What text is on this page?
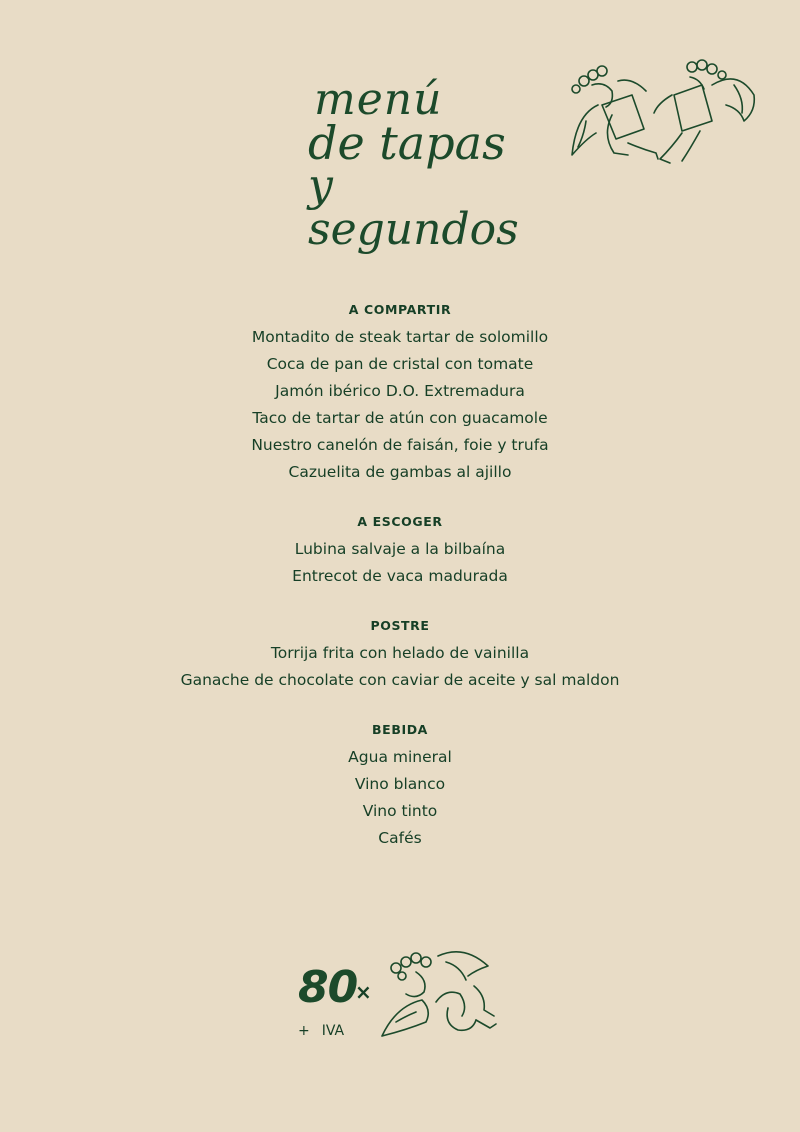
menú
de tapas
y segundos
A COMPARTIR
Montadito de steak tartar de solomillo
Coca de pan de cristal con tomate
Jamón ibérico D.O. Extremadura
Taco de tartar de atún con guacamole
Nuestro canelón de faisán, foie y trufa
Cazuelita de gambas al ajillo
A ESCOGER
Lubina salvaje a la bilbaína
Entrecot de vaca madurada
POSTRE
Torrija frita con helado de vainilla
Ganache de chocolate con caviar de aceite y sal maldon
BEBIDA
Agua mineral
Vino blanco
Vino tinto
Cafés
80
×
+ IVA
